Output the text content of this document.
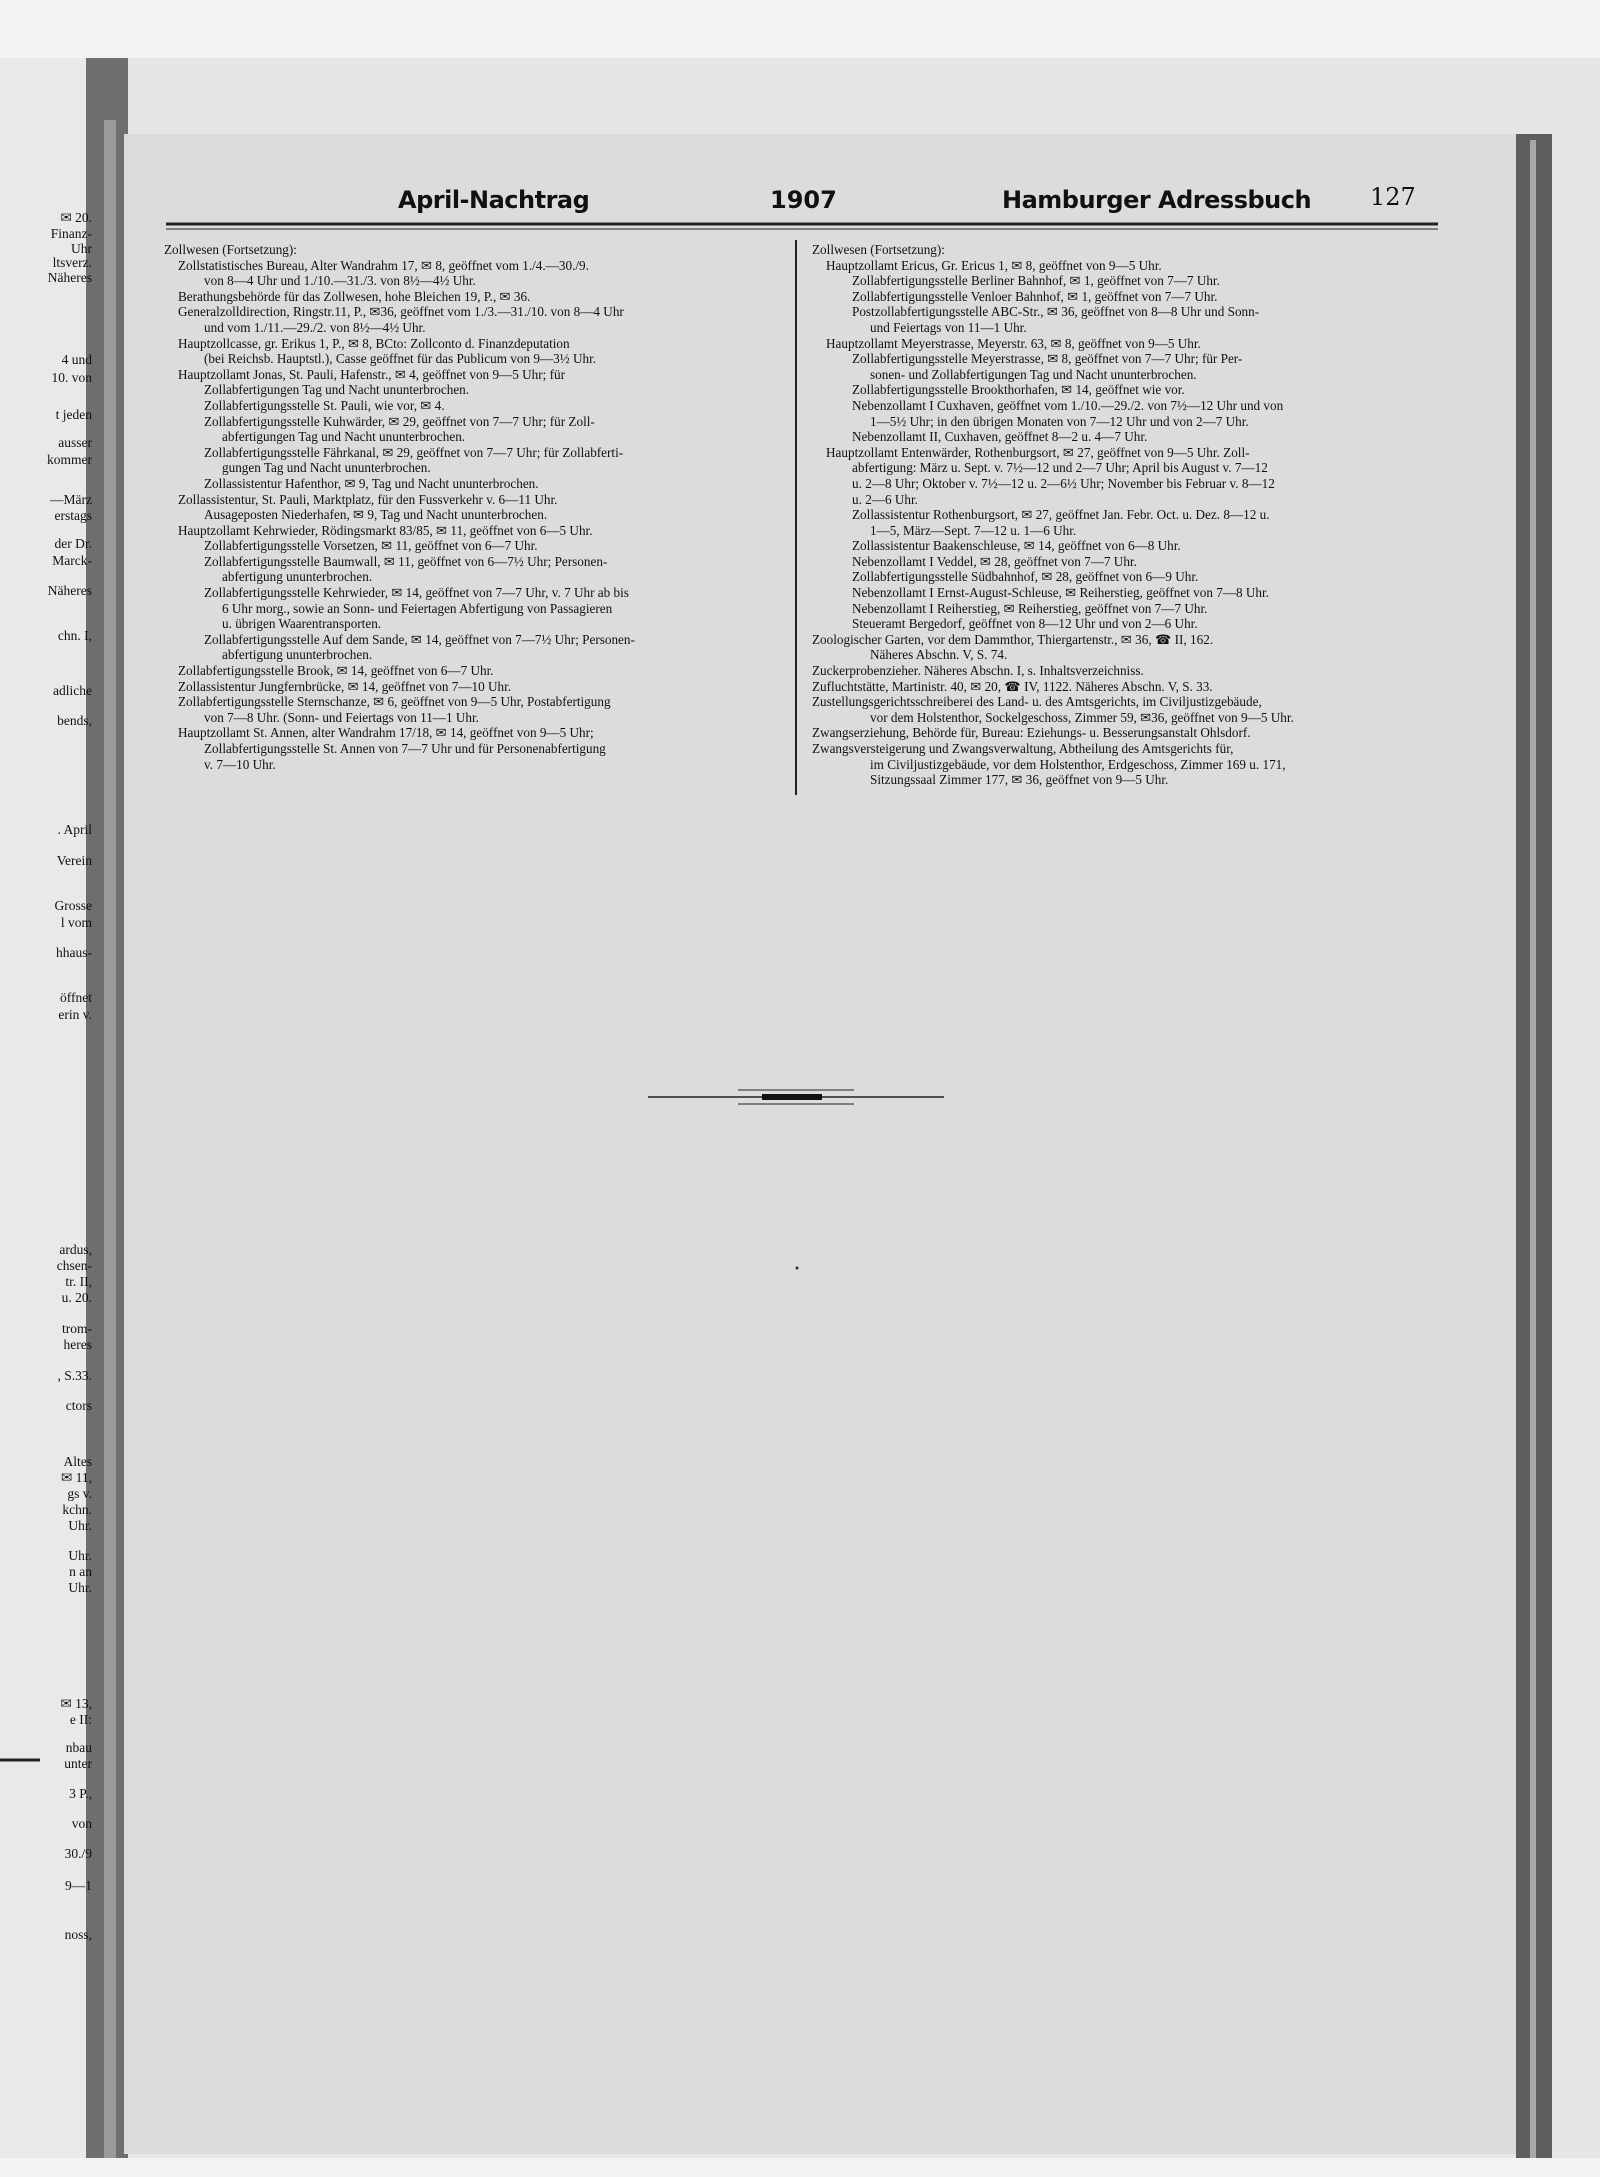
April-Nachtrag	1907	Hamburger Adressbuch 127
Zollwesen (Fortsetzung):
Zollstatistisches Bureau, Alter Wandrahm 17, ✉ 8, geöffnet vom 1./4.—30./9.
von 8—4 Uhr und 1./10.—31./3. von 8½—4½ Uhr.
Berathungsbehörde für das Zollwesen, hohe Bleichen 19, P., ✉ 36.
Generalzolldirection, Ringstr.11, P., ✉36, geöffnet vom 1./3.—31./10. von 8—4 Uhr
und vom 1./11.—29./2. von 8½—4½ Uhr.
Hauptzollcasse, gr. Erikus 1, P., ✉ 8, BCto: Zollconto d. Finanzdeputation
(bei Reichsb. Hauptstl.), Casse geöffnet für das Publicum von 9—3½ Uhr.
Hauptzollamt Jonas, St. Pauli, Hafenstr., ✉ 4, geöffnet von 9—5 Uhr; für
Zollabfertigungen Tag und Nacht ununterbrochen.
Zollabfertigungsstelle St. Pauli, wie vor, ✉ 4.
Zollabfertigungsstelle Kuhwärder, ✉ 29, geöffnet von 7—7 Uhr; für Zoll-
abfertigungen Tag und Nacht ununterbrochen.
Zollabfertigungsstelle Fährkanal, ✉ 29, geöffnet von 7—7 Uhr; für Zollabferti-
gungen Tag und Nacht ununterbrochen.
Zollassistentur Hafenthor, ✉ 9, Tag und Nacht ununterbrochen.
Zollassistentur, St. Pauli, Marktplatz, für den Fussverkehr v. 6—11 Uhr.
Ausageposten Niederhafen, ✉ 9, Tag und Nacht ununterbrochen.
Hauptzollamt Kehrwieder, Rödingsmarkt 83/85, ✉ 11, geöffnet von 6—5 Uhr.
Zollabfertigungsstelle Vorsetzen, ✉ 11, geöffnet von 6—7 Uhr.
Zollabfertigungsstelle Baumwall, ✉ 11, geöffnet von 6—7½ Uhr; Personen-
abfertigung ununterbrochen.
Zollabfertigungsstelle Kehrwieder, ✉ 14, geöffnet von 7—7 Uhr, v. 7 Uhr ab bis
6 Uhr morg., sowie an Sonn- und Feiertagen Abfertigung von Passagieren
u. übrigen Waarentransporten.
Zollabfertigungsstelle Auf dem Sande, ✉ 14, geöffnet von 7—7½ Uhr; Personen-
abfertigung ununterbrochen.
Zollabfertigungsstelle Brook, ✉ 14, geöffnet von 6—7 Uhr.
Zollassistentur Jungfernbrücke, ✉ 14, geöffnet von 7—10 Uhr.
Zollabfertigungsstelle Sternschanze, ✉ 6, geöffnet von 9—5 Uhr, Postabfertigung
von 7—8 Uhr. (Sonn- und Feiertags von 11—1 Uhr.
Hauptzollamt St. Annen, alter Wandrahm 17/18, ✉ 14, geöffnet von 9—5 Uhr;
Zollabfertigungsstelle St. Annen von 7—7 Uhr und für Personenabfertigung
v. 7—10 Uhr.
Zollwesen (Fortsetzung):
Hauptzollamt Ericus, Gr. Ericus 1, ✉ 8, geöffnet von 9—5 Uhr.
Zollabfertigungsstelle Berliner Bahnhof, ✉ 1, geöffnet von 7—7 Uhr.
Zollabfertigungsstelle Venloer Bahnhof, ✉ 1, geöffnet von 7—7 Uhr.
Postzollabfertigungsstelle ABC-Str., ✉ 36, geöffnet von 8—8 Uhr und Sonn-
und Feiertags von 11—1 Uhr.
Hauptzollamt Meyerstrasse, Meyerstr. 63, ✉ 8, geöffnet von 9—5 Uhr.
Zollabfertigungsstelle Meyerstrasse, ✉ 8, geöffnet von 7—7 Uhr; für Per-
sonen- und Zollabfertigungen Tag und Nacht ununterbrochen.
Zollabfertigungsstelle Brookthorhafen, ✉ 14, geöffnet wie vor.
Nebenzollamt I Cuxhaven, geöffnet vom 1./10.—29./2. von 7½—12 Uhr und von
1—5½ Uhr; in den übrigen Monaten von 7—12 Uhr und von 2—7 Uhr.
Nebenzollamt II, Cuxhaven, geöffnet 8—2 u. 4—7 Uhr.
Hauptzollamt Entenwärder, Rothenburgsort, ✉ 27, geöffnet von 9—5 Uhr. Zoll-
abfertigung: März u. Sept. v. 7½—12 und 2—7 Uhr; April bis August v. 7—12
u. 2—8 Uhr; Oktober v. 7½—12 u. 2—6½ Uhr; November bis Februar v. 8—12
u. 2—6 Uhr.
Zollassistentur Rothenburgsort, ✉ 27, geöffnet Jan. Febr. Oct. u. Dez. 8—12 u.
1—5, März—Sept. 7—12 u. 1—6 Uhr.
Zollassistentur Baakenschleuse, ✉ 14, geöffnet von 6—8 Uhr.
Nebenzollamt I Veddel, ✉ 28, geöffnet von 7—7 Uhr.
Zollabfertigungsstelle Südbahnhof, ✉ 28, geöffnet von 6—9 Uhr.
Nebenzollamt I Ernst-August-Schleuse, ✉ Reiherstieg, geöffnet von 7—8 Uhr.
Nebenzollamt I Reiherstieg, ✉ Reiherstieg, geöffnet von 7—7 Uhr.
Steueramt Bergedorf, geöffnet von 8—12 Uhr und von 2—6 Uhr.
Zoologischer Garten, vor dem Dammthor, Thiergartenstr., ✉ 36, ☎ II, 162.
Näheres Abschn. V, S. 74.
Zuckerprobenzieher. Näheres Abschn. I, s. Inhaltsverzeichniss.
Zufluchtstätte, Martinistr. 40, ✉ 20, ☎ IV, 1122. Näheres Abschn. V, S. 33.
Zustellungsgerichtsschreiberei des Land- u. des Amtsgerichts, im Civiljustizgebäude,
vor dem Holstenthor, Sockelgeschoss, Zimmer 59, ✉36, geöffnet von 9—5 Uhr.
Zwangserziehung, Behörde für, Bureau: Eziehungs- u. Besserungsanstalt Ohlsdorf.
Zwangsversteigerung und Zwangsverwaltung, Abtheilung des Amtsgerichts für,
im Civiljustizgebäude, vor dem Holstenthor, Erdgeschoss, Zimmer 169 u. 171,
Sitzungssaal Zimmer 177, ✉ 36, geöffnet von 9—5 Uhr.
✉ 20.
Finanz-
Uhr
ltsverz.
Näheres
4 und
10. von
t jeden
ausser
kommer
—März
erstags
der Dr.
Marck-
Näheres
chn. I,
adliche
bends,
. April
Verein
Grosse
l vom
hhaus-
öffnet
erin v.
ardus,
chsen-
tr. II,
u. 20.
trom-
heres
, S.33.
ctors
Altes
✉ 11,
gs v.
kchn.
Uhr.
Uhr.
n an
Uhr.
✉ 13,
e II:
nbau
unter
3 P.,
von
30./9
9—1
noss,
